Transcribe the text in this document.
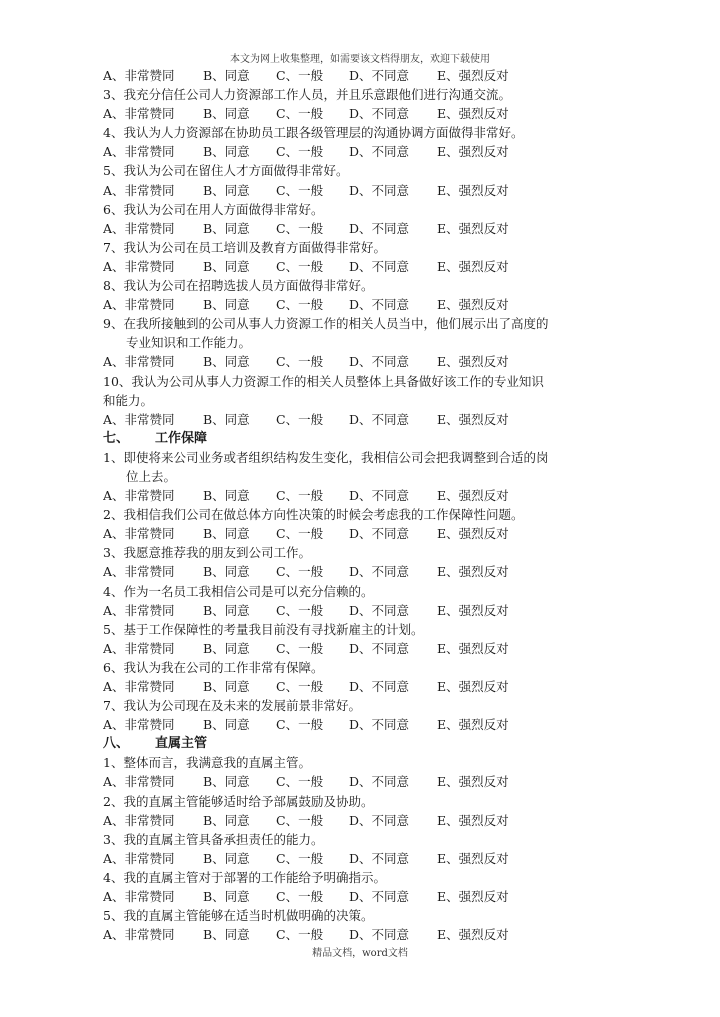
本文为网上收集整理，如需要该文档得朋友，欢迎下载使用
A、非常赞同	B、同意	C、一般	D、不同意	E、强烈反对
3、我充分信任公司人力资源部工作人员，并且乐意跟他们进行沟通交流。
A、非常赞同	B、同意	C、一般	D、不同意	E、强烈反对
4、我认为人力资源部在协助员工跟各级管理层的沟通协调方面做得非常好。
A、非常赞同	B、同意	C、一般	D、不同意	E、强烈反对
5、我认为公司在留住人才方面做得非常好。
A、非常赞同	B、同意	C、一般	D、不同意	E、强烈反对
6、我认为公司在用人方面做得非常好。
A、非常赞同	B、同意	C、一般	D、不同意	E、强烈反对
7、我认为公司在员工培训及教育方面做得非常好。
A、非常赞同	B、同意	C、一般	D、不同意	E、强烈反对
8、我认为公司在招聘选拔人员方面做得非常好。
A、非常赞同	B、同意	C、一般	D、不同意	E、强烈反对
9、在我所接触到的公司从事人力资源工作的相关人员当中，他们展示出了高度的
专业知识和工作能力。
A、非常赞同	B、同意	C、一般	D、不同意	E、强烈反对
10、我认为公司从事人力资源工作的相关人员整体上具备做好该工作的专业知识
和能力。
A、非常赞同	B、同意	C、一般	D、不同意	E、强烈反对
七、 工作保障
1、即使将来公司业务或者组织结构发生变化，我相信公司会把我调整到合适的岗
位上去。
A、非常赞同	B、同意	C、一般	D、不同意	E、强烈反对
2、我相信我们公司在做总体方向性决策的时候会考虑我的工作保障性问题。
A、非常赞同	B、同意	C、一般	D、不同意	E、强烈反对
3、我愿意推荐我的朋友到公司工作。
A、非常赞同	B、同意	C、一般	D、不同意	E、强烈反对
4、作为一名员工我相信公司是可以充分信赖的。
A、非常赞同	B、同意	C、一般	D、不同意	E、强烈反对
5、基于工作保障性的考量我目前没有寻找新雇主的计划。
A、非常赞同	B、同意	C、一般	D、不同意	E、强烈反对
6、我认为我在公司的工作非常有保障。
A、非常赞同	B、同意	C、一般	D、不同意	E、强烈反对
7、我认为公司现在及未来的发展前景非常好。
A、非常赞同	B、同意	C、一般	D、不同意	E、强烈反对
八、 直属主管
1、整体而言，我满意我的直属主管。
A、非常赞同	B、同意	C、一般	D、不同意	E、强烈反对
2、我的直属主管能够适时给予部属鼓励及协助。
A、非常赞同	B、同意	C、一般	D、不同意	E、强烈反对
3、我的直属主管具备承担责任的能力。
A、非常赞同	B、同意	C、一般	D、不同意	E、强烈反对
4、我的直属主管对于部署的工作能给予明确指示。
A、非常赞同	B、同意	C、一般	D、不同意	E、强烈反对
5、我的直属主管能够在适当时机做明确的决策。
A、非常赞同	B、同意	C、一般	D、不同意	E、强烈反对
精品文档，word文档
